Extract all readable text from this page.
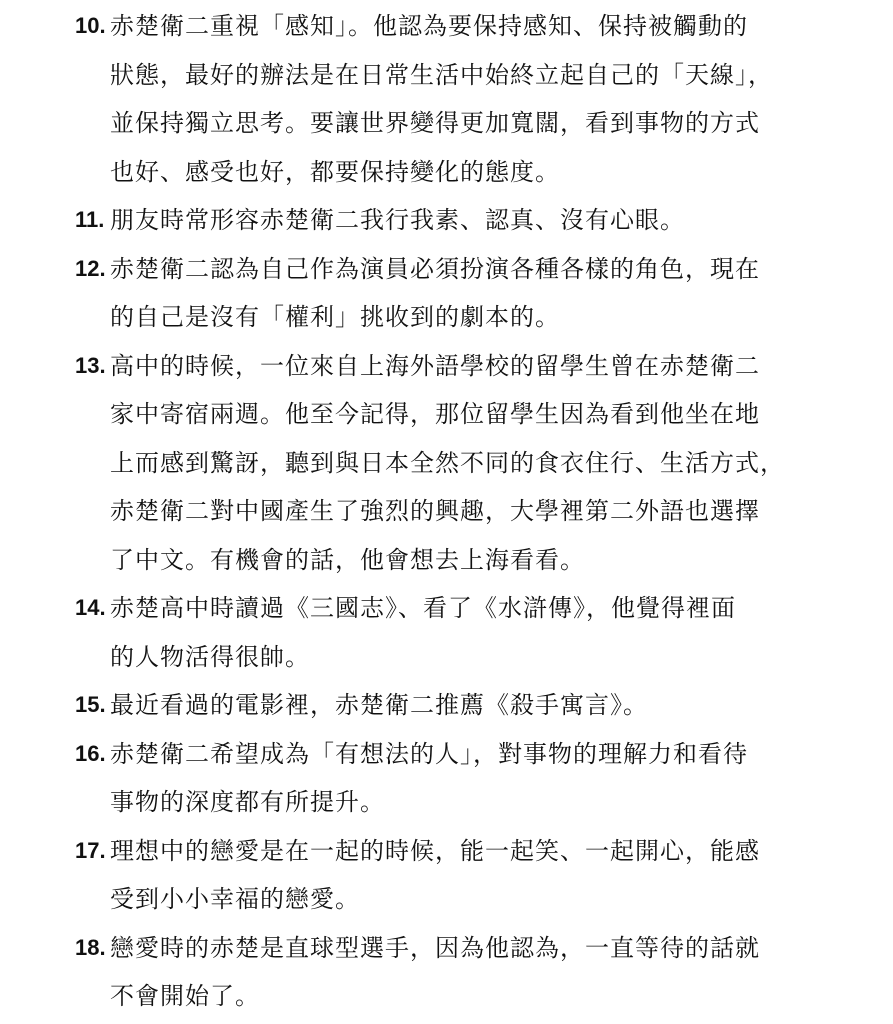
10. 赤楚衛二重視「感知」。他認為要保持感知、保持被觸動的
狀態，最好的辦法是在日常生活中始終立起自己的「天線」，
並保持獨立思考。要讓世界變得更加寬闊，看到事物的方式
也好、感受也好，都要保持變化的態度。
11. 朋友時常形容赤楚衛二我行我素、認真、沒有心眼。
12. 赤楚衛二認為自己作為演員必須扮演各種各樣的角色，現在
的自己是沒有「權利」挑收到的劇本的。
13. 高中的時候，一位來自上海外語學校的留學生曾在赤楚衛二
家中寄宿兩週。他至今記得，那位留學生因為看到他坐在地
上而感到驚訝，聽到與日本全然不同的食衣住行、生活方式，
赤楚衛二對中國產生了強烈的興趣，大學裡第二外語也選擇
了中文。有機會的話，他會想去上海看看。
14. 赤楚高中時讀過《三國志》、看了《水滸傳》，他覺得裡面
的人物活得很帥。
15. 最近看過的電影裡，赤楚衛二推薦《殺手寓言》。
16. 赤楚衛二希望成為「有想法的人」，對事物的理解力和看待
事物的深度都有所提升。
17. 理想中的戀愛是在一起的時候，能一起笑、一起開心，能感
受到小小幸福的戀愛。
18. 戀愛時的赤楚是直球型選手，因為他認為，一直等待的話就
不會開始了。
